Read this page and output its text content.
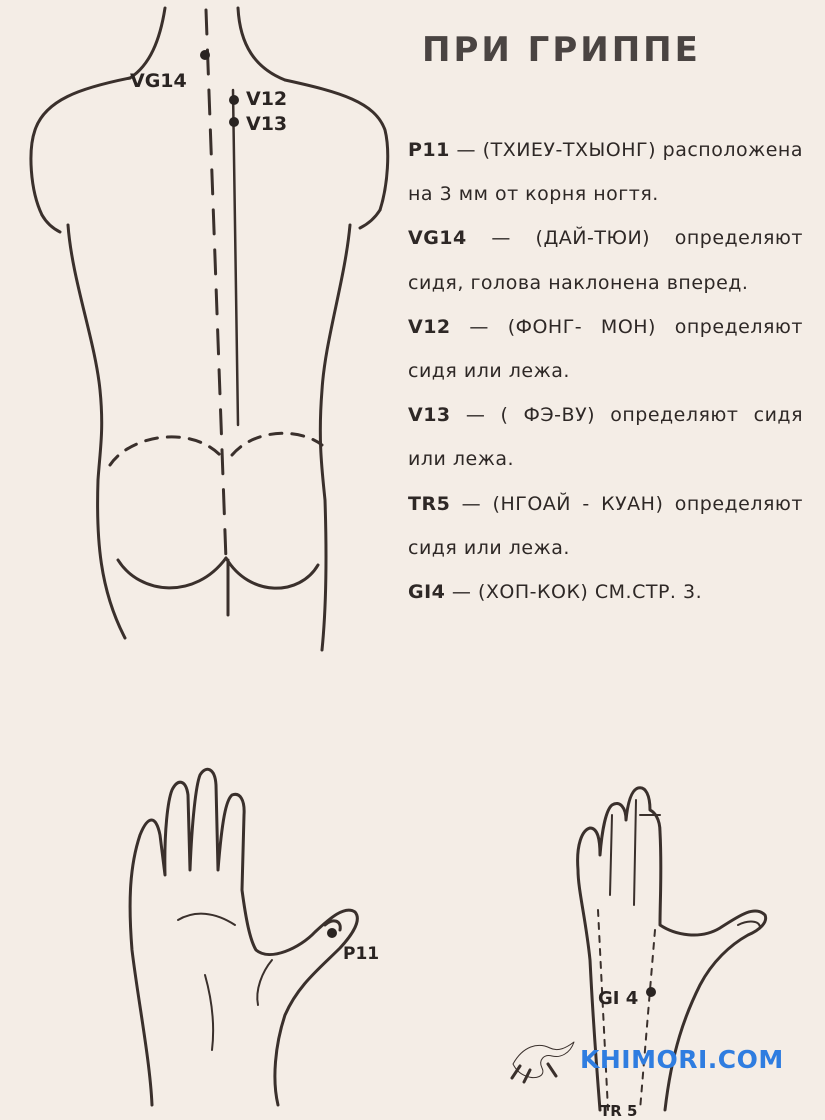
ПРИ ГРИППЕ

P11 — (ТХИЕУ-ТХЫОНГ) расположена на 3 мм от корня ногтя.

VG14 — (ДАЙ-ТЮИ) определяют сидя, голова наклонена вперед.

V12 — (ФОНГ- МОН) определяют сидя или лежа.

V13 — ( ФЭ-ВУ) определяют сидя или лежа.

TR5 — (НГОАЙ - КУАН) определяют сидя или лежа.

GI4 — (ХОП-КОК) СМ.СТР. 3.

VG14
V12
V13
P11
GI 4
TR 5
KHIMORI.COM
